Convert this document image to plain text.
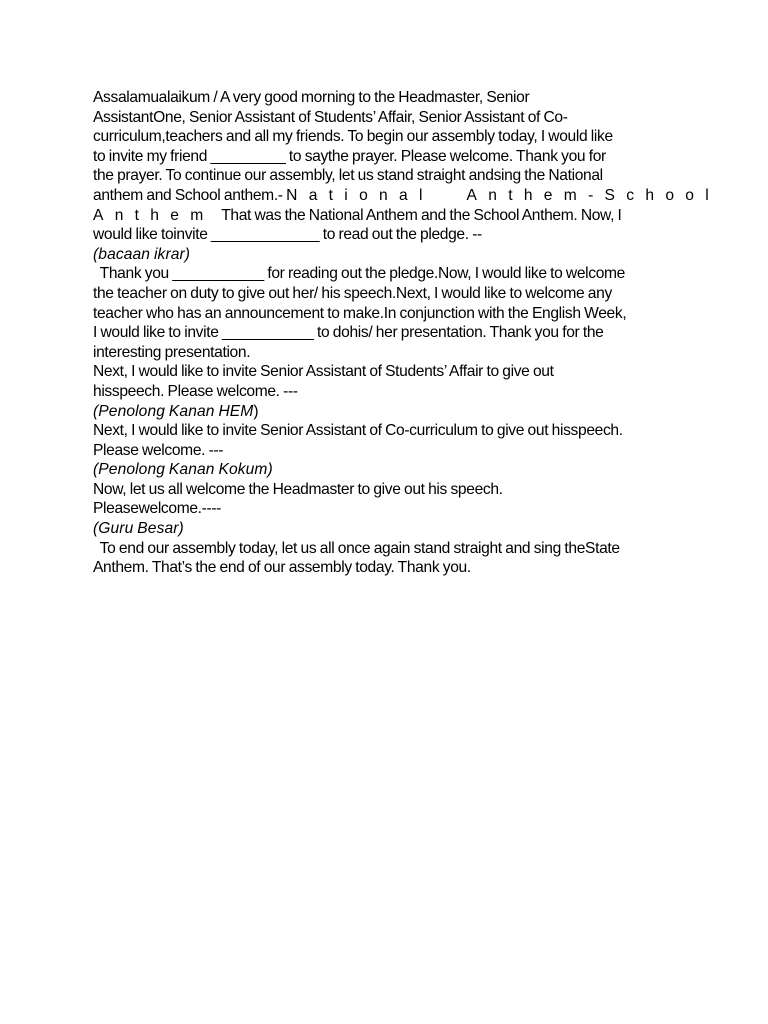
Assalamualaikum / A very good morning to the Headmaster, Senior
AssistantOne, Senior Assistant of Students’ Affair, Senior Assistant of Co-
curriculum,teachers and all my friends. To begin our assembly today, I would like
to invite my friend _________ to saythe prayer. Please welcome. Thank you for
the prayer. To continue our assembly, let us stand straight andsing the National
anthem and School anthem.- National Anthem-School
Anthem  That was the National Anthem and the School Anthem. Now, I
would like toinvite _____________ to read out the pledge. --
(bacaan ikrar)
Thank you ___________ for reading out the pledge.Now, I would like to welcome
the teacher on duty to give out her/ his speech.Next, I would like to welcome any
teacher who has an announcement to make.In conjunction with the English Week,
I would like to invite ___________ to dohis/ her presentation. Thank you for the
interesting presentation.
Next, I would like to invite Senior Assistant of Students’ Affair to give out
hisspeech. Please welcome. ---
(Penolong Kanan HEM)
Next, I would like to invite Senior Assistant of Co-curriculum to give out hisspeech.
Please welcome. ---
(Penolong Kanan Kokum)
Now, let us all welcome the Headmaster to give out his speech.
Pleasewelcome.----
(Guru Besar)
To end our assembly today, let us all once again stand straight and sing theState
Anthem. That’s the end of our assembly today. Thank you.
